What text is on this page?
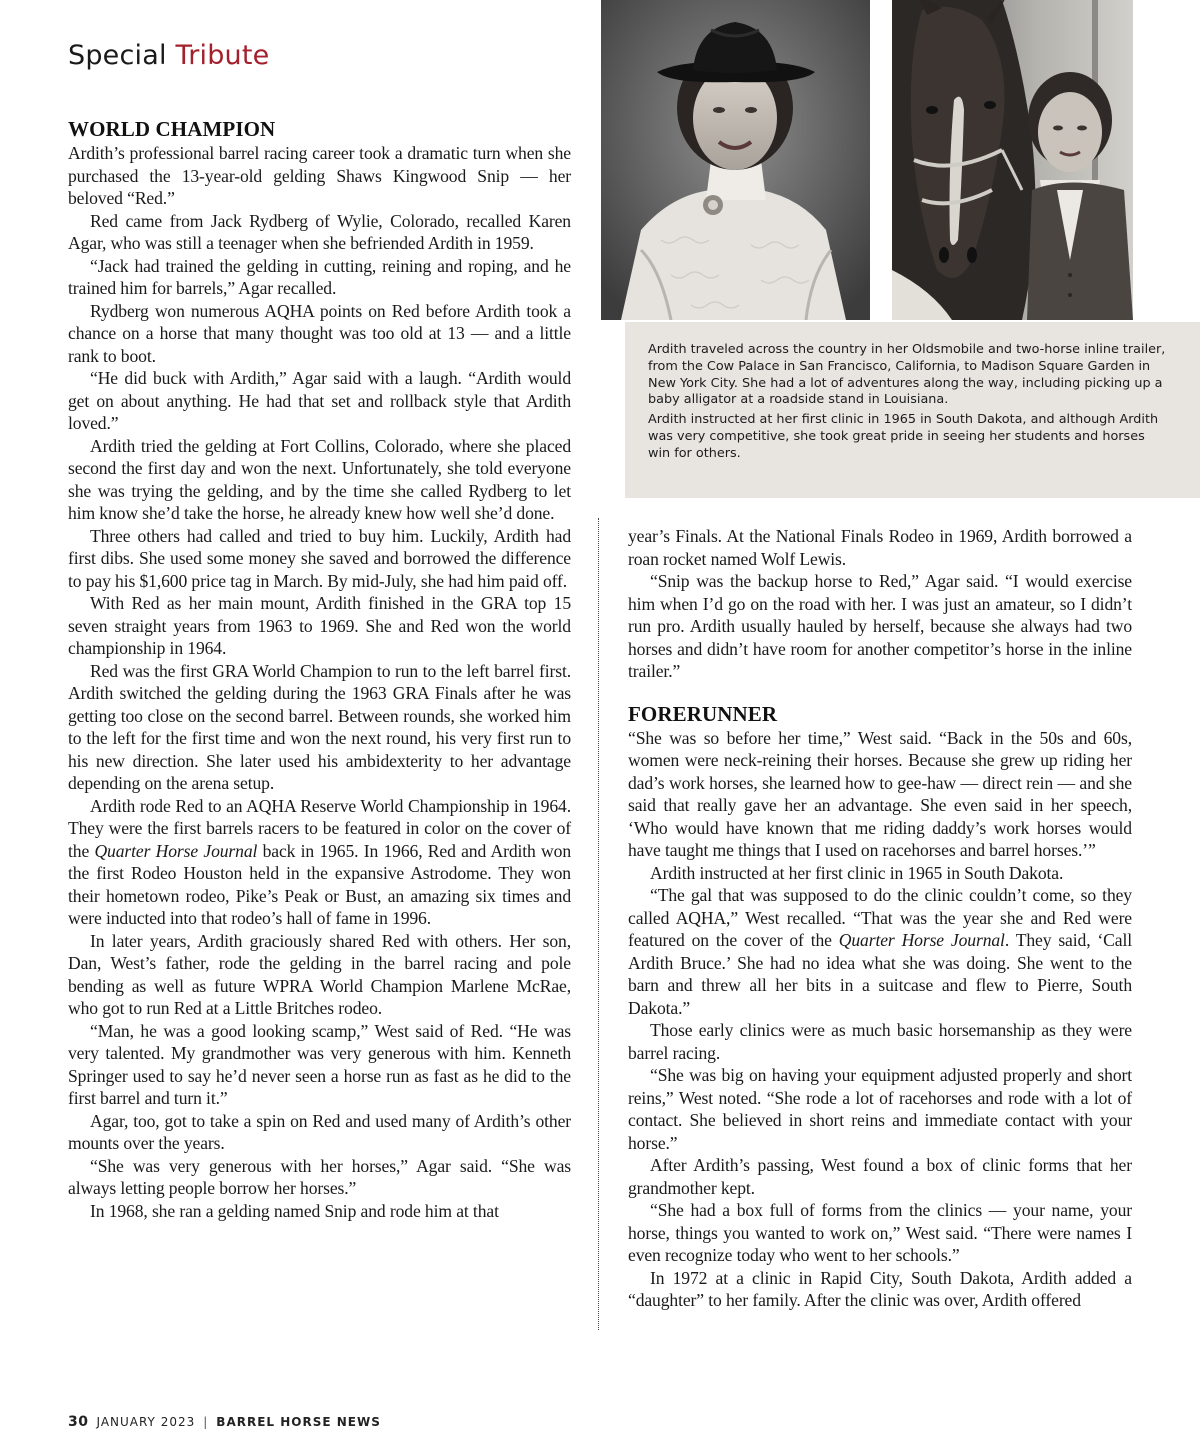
Special Tribute

Ardith traveled across the country in her Oldsmobile and two-horse inline trailer, from the Cow Palace in San Francisco, California, to Madison Square Garden in New York City. She had a lot of adventures along the way, including picking up a baby alligator at a roadside stand in Louisiana.

Ardith instructed at her first clinic in 1965 in South Dakota, and although Ardith was very competitive, she took great pride in seeing her students and horses win for others.

WORLD CHAMPION

Ardith’s professional barrel racing career took a dramatic turn when she purchased the 13-year-old gelding Shaws Kingwood Snip — her beloved “Red.”

Red came from Jack Rydberg of Wylie, Colorado, recalled Karen Agar, who was still a teenager when she befriended Ardith in 1959.

“Jack had trained the gelding in cutting, reining and roping, and he trained him for barrels,” Agar recalled.

Rydberg won numerous AQHA points on Red before Ardith took a chance on a horse that many thought was too old at 13 — and a little rank to boot.

“He did buck with Ardith,” Agar said with a laugh. “Ardith would get on about anything. He had that set and rollback style that Ardith loved.”

Ardith tried the gelding at Fort Collins, Colorado, where she placed second the first day and won the next. Unfortunately, she told everyone she was trying the gelding, and by the time she called Rydberg to let him know she’d take the horse, he already knew how well she’d done.

Three others had called and tried to buy him. Luckily, Ardith had first dibs. She used some money she saved and borrowed the difference to pay his $1,600 price tag in March. By mid-July, she had him paid off.

With Red as her main mount, Ardith finished in the GRA top 15 seven straight years from 1963 to 1969. She and Red won the world championship in 1964.

Red was the first GRA World Champion to run to the left barrel first. Ardith switched the gelding during the 1963 GRA Finals after he was getting too close on the second barrel. Between rounds, she worked him to the left for the first time and won the next round, his very first run to his new direction. She later used his ambidexterity to her advantage depending on the arena setup.

Ardith rode Red to an AQHA Reserve World Championship in 1964. They were the first barrels racers to be featured in color on the cover of the Quarter Horse Journal back in 1965. In 1966, Red and Ardith won the first Rodeo Houston held in the expansive Astrodome. They won their hometown rodeo, Pike’s Peak or Bust, an amazing six times and were inducted into that rodeo’s hall of fame in 1996.

In later years, Ardith graciously shared Red with others. Her son, Dan, West’s father, rode the gelding in the barrel racing and pole bending as well as future WPRA World Champion Marlene McRae, who got to run Red at a Little Britches rodeo.

“Man, he was a good looking scamp,” West said of Red. “He was very talented. My grandmother was very generous with him. Kenneth Springer used to say he’d never seen a horse run as fast as he did to the first barrel and turn it.”

Agar, too, got to take a spin on Red and used many of Ardith’s other mounts over the years.

“She was very generous with her horses,” Agar said. “She was always letting people borrow her horses.”

In 1968, she ran a gelding named Snip and rode him at that

year’s Finals. At the National Finals Rodeo in 1969, Ardith borrowed a roan rocket named Wolf Lewis.

“Snip was the backup horse to Red,” Agar said. “I would exercise him when I’d go on the road with her. I was just an amateur, so I didn’t run pro. Ardith usually hauled by herself, because she always had two horses and didn’t have room for another competitor’s horse in the inline trailer.”

FORERUNNER

“She was so before her time,” West said. “Back in the 50s and 60s, women were neck-reining their horses. Because she grew up riding her dad’s work horses, she learned how to gee-haw — direct rein — and she said that really gave her an advantage. She even said in her speech, ‘Who would have known that me riding daddy’s work horses would have taught me things that I used on racehorses and barrel horses.’”

Ardith instructed at her first clinic in 1965 in South Dakota.

“The gal that was supposed to do the clinic couldn’t come, so they called AQHA,” West recalled. “That was the year she and Red were featured on the cover of the Quarter Horse Journal. They said, ‘Call Ardith Bruce.’ She had no idea what she was doing. She went to the barn and threw all her bits in a suitcase and flew to Pierre, South Dakota.”

Those early clinics were as much basic horsemanship as they were barrel racing.

“She was big on having your equipment adjusted properly and short reins,” West noted. “She rode a lot of racehorses and rode with a lot of contact. She believed in short reins and immediate contact with your horse.”

After Ardith’s passing, West found a box of clinic forms that her grandmother kept.

“She had a box full of forms from the clinics — your name, your horse, things you wanted to work on,” West said. “There were names I even recognize today who went to her schools.”

In 1972 at a clinic in Rapid City, South Dakota, Ardith added a “daughter” to her family. After the clinic was over, Ardith offered

30 JANUARY 2023 | BARREL HORSE NEWS
